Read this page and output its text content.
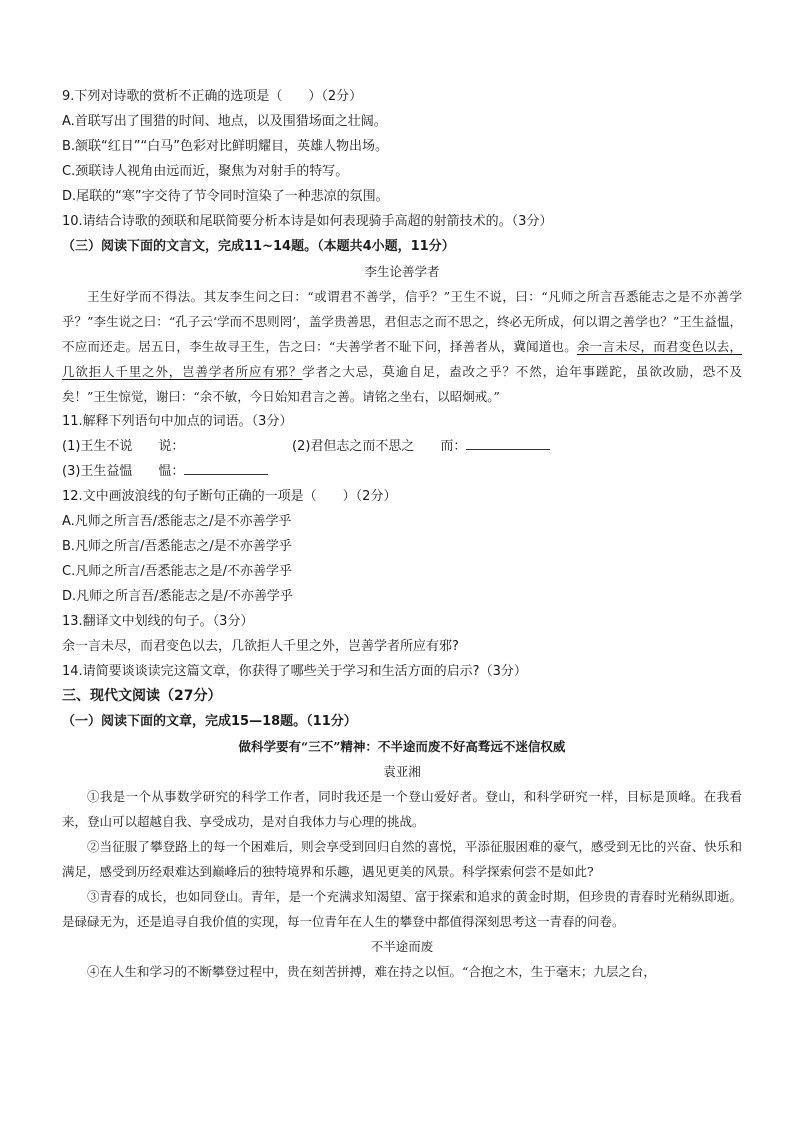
9.下列对诗歌的赏析不正确的选项是（　　）（2分）
A.首联写出了围猎的时间、地点，以及围猎场面之壮阔。
B.颔联“红日”“白马”色彩对比鲜明耀目，英雄人物出场。
C.颈联诗人视角由远而近，聚焦为对射手的特写。
D.尾联的“寒”字交待了节令同时渲染了一种悲凉的氛围。
10.请结合诗歌的颈联和尾联简要分析本诗是如何表现骑手高超的射箭技术的。（3分）
（三）阅读下面的文言文，完成11~14题。（本题共4小题，11分）
李生论善学者
王生好学而不得法。其友李生问之曰：“或谓君不善学，信乎？”王生不说，曰：“凡师之所言吾悉能志之是不亦善学乎？”李生说之曰：“孔子云‘学而不思则罔’，盖学贵善思，君但志之而不思之，终必无所成，何以谓之善学也？”王生益愠，不应而还走。居五日，李生故寻王生，告之曰：“夫善学者不耻下问，择善者从，冀闻道也。余一言未尽，而君变色以去，几欲拒人千里之外，岂善学者所应有邪？学者之大忌，莫逾自足，盍改之乎？不然，迨年事蹉跎，虽欲改励，恐不及矣！”王生惊觉，谢曰：“余不敏，今日始知君言之善。请铭之坐右，以昭炯戒。”
11.解释下列语句中加点的词语。（3分）
(1)王生不说　　说：	(2)君但志之而不思之　　而：
(3)王生益愠　　愠：
12.文中画波浪线的句子断句正确的一项是（　　）（2分）
A.凡师之所言吾/悉能志之/是不亦善学乎
B.凡师之所言/吾悉能志之/是不亦善学乎
C.凡师之所言/吾悉能志之是/不亦善学乎
D.凡师之所言吾/悉能志之是/不亦善学乎
13.翻译文中划线的句子。（3分）
余一言未尽，而君变色以去，几欲拒人千里之外，岂善学者所应有邪?
14.请简要谈谈读完这篇文章，你获得了哪些关于学习和生活方面的启示?（3分）
三、现代文阅读（27分）
（一）阅读下面的文章，完成15—18题。（11分）
做科学要有“三不”精神：不半途而废不好高骛远不迷信权威
袁亚湘
①我是一个从事数学研究的科学工作者，同时我还是一个登山爱好者。登山，和科学研究一样，目标是顶峰。在我看来，登山可以超越自我、享受成功，是对自我体力与心理的挑战。
②当征服了攀登路上的每一个困难后，则会享受到回归自然的喜悦，平添征服困难的豪气，感受到无比的兴奋、快乐和满足，感受到历经艰难达到巅峰后的独特境界和乐趣，遇见更美的风景。科学探索何尝不是如此?
③青春的成长，也如同登山。青年，是一个充满求知渴望、富于探索和追求的黄金时期，但珍贵的青春时光稍纵即逝。是碌碌无为，还是追寻自我价值的实现，每一位青年在人生的攀登中都值得深刻思考这一青春的问卷。
不半途而废
④在人生和学习的不断攀登过程中，贵在刻苦拼搏，难在持之以恒。“合抱之木，生于毫末；九层之台，
